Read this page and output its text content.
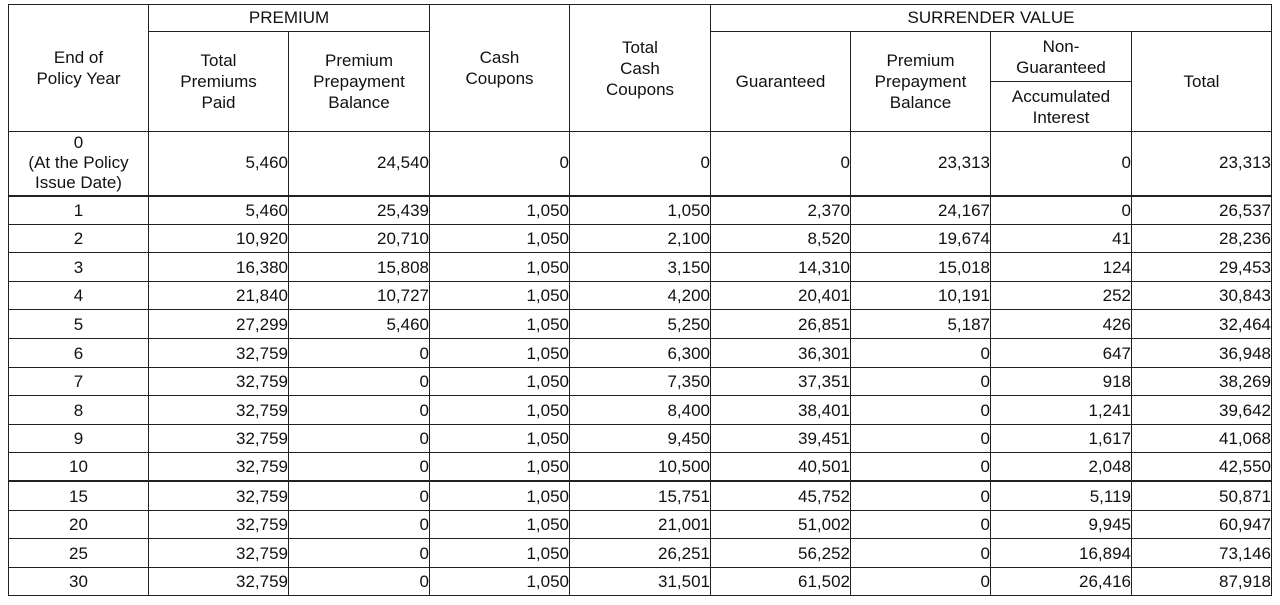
End of Policy Year	PREMIUM		Cash Coupons	Total Cash Coupons	SURRENDER VALUE			
	Total Premiums Paid	Premium Prepayment Balance			Guaranteed	Premium Prepayment Balance	Non-Guaranteed	Total
							Accumulated Interest	
0
(At the Policy Issue Date)	5,460	24,540	0	0	0	23,313	0	23,313
1	5,460	25,439	1,050	1,050	2,370	24,167	0	26,537
2	10,920	20,710	1,050	2,100	8,520	19,674	41	28,236
3	16,380	15,808	1,050	3,150	14,310	15,018	124	29,453
4	21,840	10,727	1,050	4,200	20,401	10,191	252	30,843
5	27,299	5,460	1,050	5,250	26,851	5,187	426	32,464
6	32,759	0	1,050	6,300	36,301	0	647	36,948
7	32,759	0	1,050	7,350	37,351	0	918	38,269
8	32,759	0	1,050	8,400	38,401	0	1,241	39,642
9	32,759	0	1,050	9,450	39,451	0	1,617	41,068
10	32,759	0	1,050	10,500	40,501	0	2,048	42,550
15	32,759	0	1,050	15,751	45,752	0	5,119	50,871
20	32,759	0	1,050	21,001	51,002	0	9,945	60,947
25	32,759	0	1,050	26,251	56,252	0	16,894	73,146
30	32,759	0	1,050	31,501	61,502	0	26,416	87,918
